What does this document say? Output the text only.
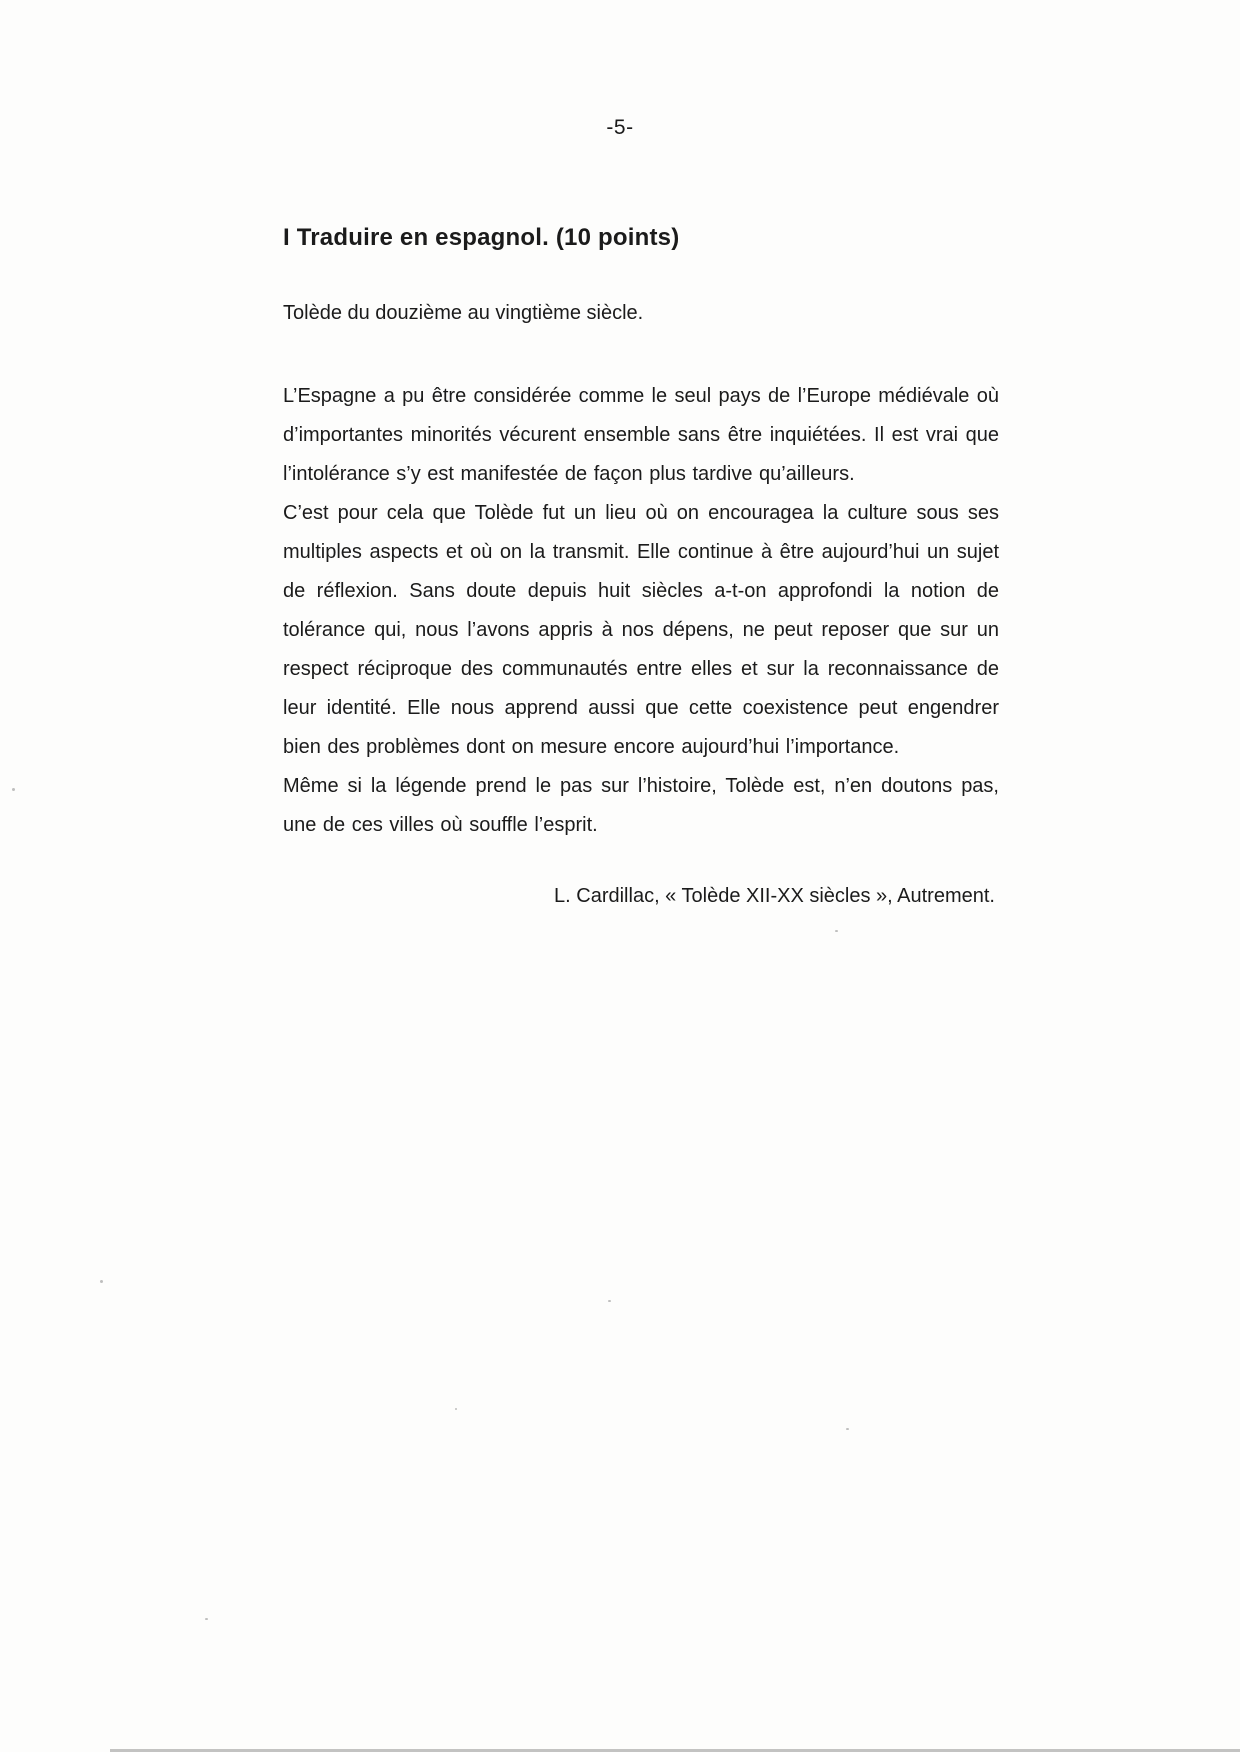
-5-
I Traduire en espagnol. (10 points)

Tolède du douzième au vingtième siècle.

L’Espagne a pu être considérée comme le seul pays de l’Europe médiévale où d’importantes minorités vécurent ensemble sans être inquiétées. Il est vrai que l’intolérance s’y est manifestée de façon plus tardive qu’ailleurs.

C’est pour cela que Tolède fut un lieu où on encouragea la culture sous ses multiples aspects et où on la transmit. Elle continue à être aujourd’hui un sujet de réflexion. Sans doute depuis huit siècles a-t-on approfondi la notion de tolérance qui, nous l’avons appris à nos dépens, ne peut reposer que sur un respect réciproque des communautés entre elles et sur la reconnaissance de leur identité. Elle nous apprend aussi que cette coexistence peut engendrer bien des problèmes dont on mesure encore aujourd’hui l’importance.

Même si la légende prend le pas sur l’histoire, Tolède est, n’en doutons pas, une de ces villes où souffle l’esprit.

L. Cardillac, « Tolède XII-XX siècles », Autrement.
